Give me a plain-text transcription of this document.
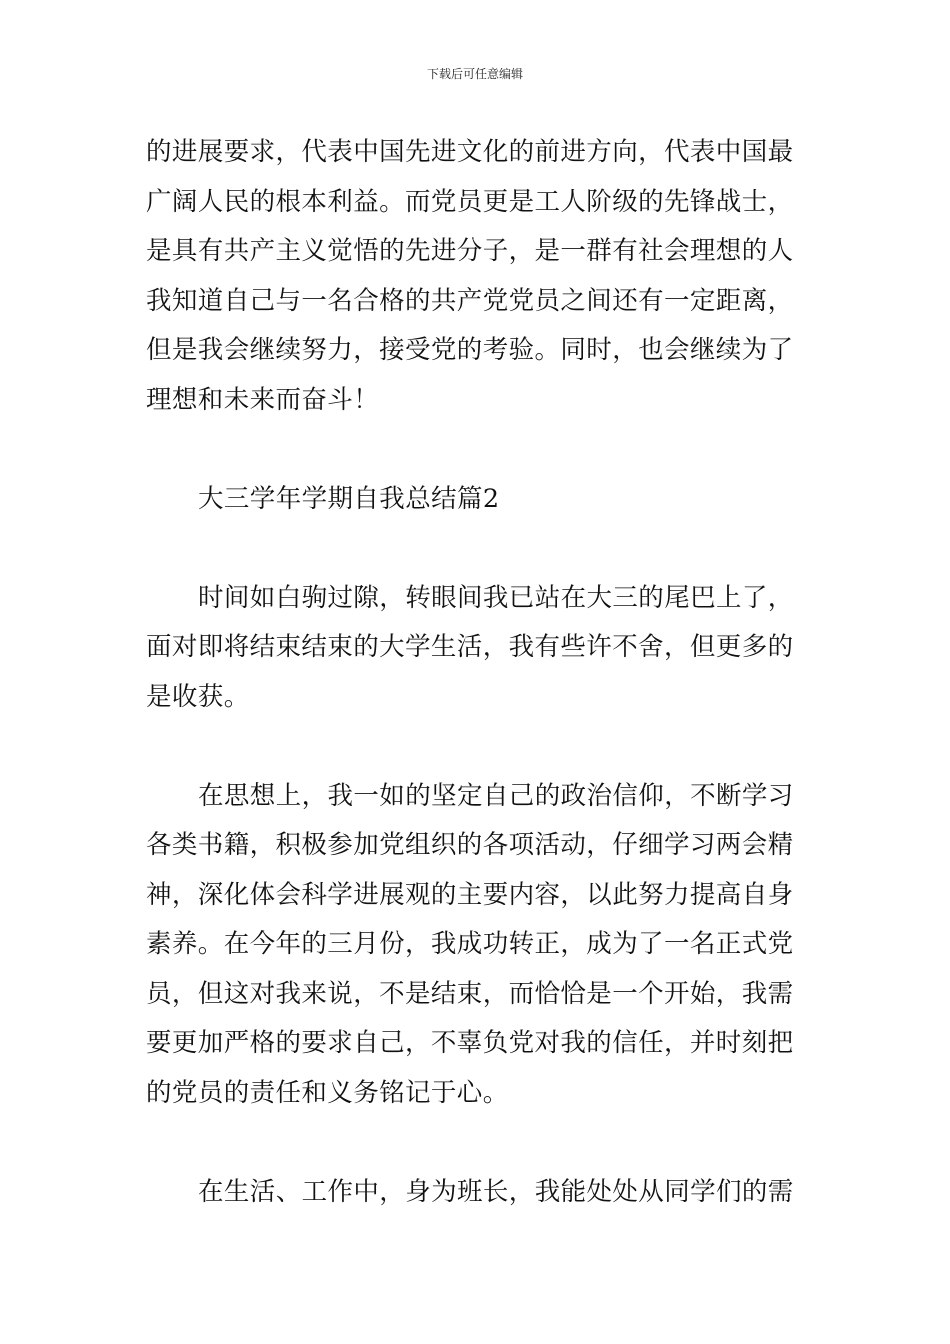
下载后可任意编辑
的进展要求，代表中国先进文化的前进方向，代表中国最
广阔人民的根本利益。而党员更是工人阶级的先锋战士，
是具有共产主义觉悟的先进分子，是一群有社会理想的人
我知道自己与一名合格的共产党党员之间还有一定距离，
但是我会继续努力，接受党的考验。同时，也会继续为了
理想和未来而奋斗！
大三学年学期自我总结篇2
时间如白驹过隙，转眼间我已站在大三的尾巴上了，
面对即将结束结束的大学生活，我有些许不舍，但更多的
是收获。
在思想上，我一如的坚定自己的政治信仰，不断学习
各类书籍，积极参加党组织的各项活动，仔细学习两会精
神，深化体会科学进展观的主要内容，以此努力提高自身
素养。在今年的三月份，我成功转正，成为了一名正式党
员，但这对我来说，不是结束，而恰恰是一个开始，我需
要更加严格的要求自己，不辜负党对我的信任，并时刻把
的党员的责任和义务铭记于心。
在生活、工作中，身为班长，我能处处从同学们的需
